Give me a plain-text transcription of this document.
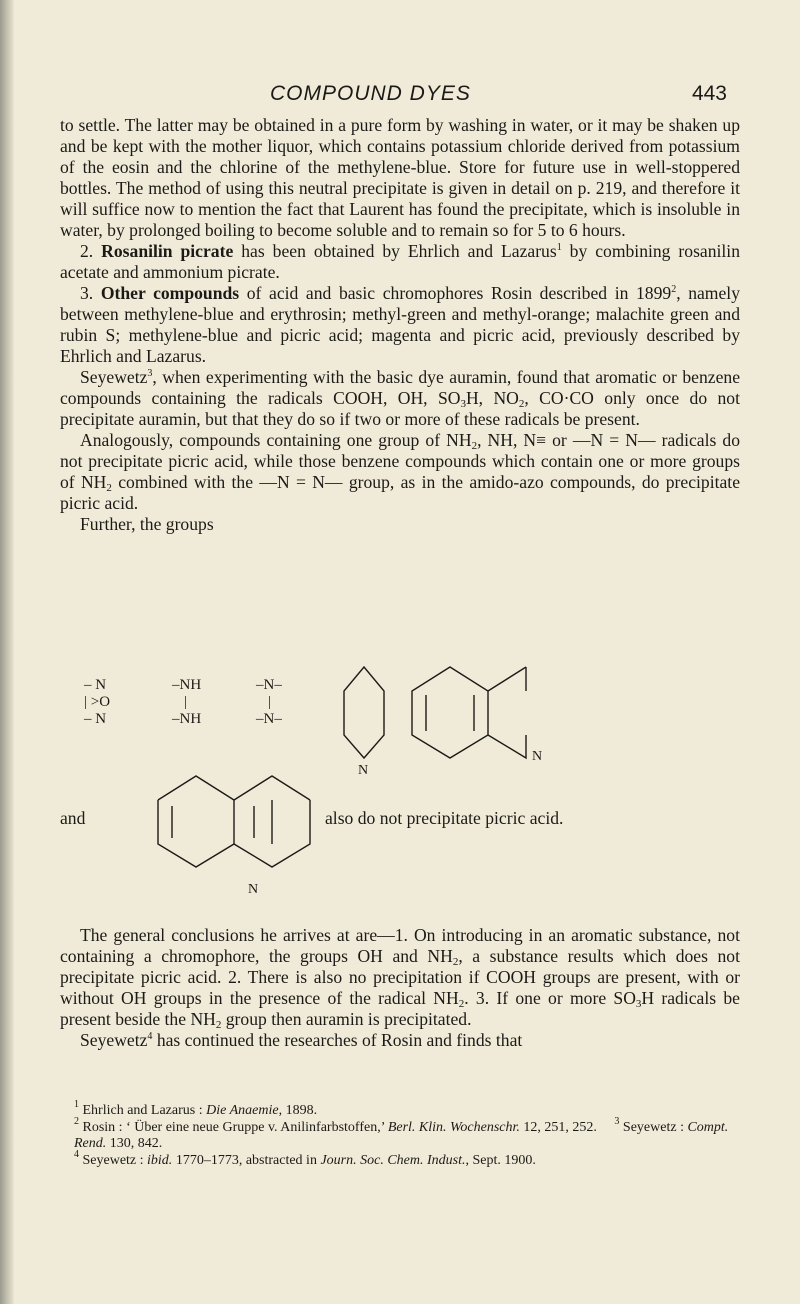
COMPOUND DYES	443

to settle. The latter may be obtained in a pure form by washing in water, or it may be shaken up and be kept with the mother liquor, which contains potassium chloride derived from potassium of the eosin and the chlorine of the methylene-blue. Store for future use in well-stoppered bottles. The method of using this neutral precipitate is given in detail on p. 219, and therefore it will suffice now to mention the fact that Laurent has found the precipitate, which is insoluble in water, by prolonged boiling to become soluble and to remain so for 5 to 6 hours.

2. Rosanilin picrate has been obtained by Ehrlich and Lazarus$^1$ by combining rosanilin acetate and ammonium picrate.

3. Other compounds of acid and basic chromophores Rosin described in 1899$^2$, namely between methylene-blue and erythrosin; methyl-green and methyl-orange; malachite green and rubin S; methylene-blue and picric acid; magenta and picric acid, previously described by Ehrlich and Lazarus.

Seyewetz$^3$, when experimenting with the basic dye auramin, found that aromatic or benzene compounds containing the radicals COOH, OH, $SO_3H$, $NO_2$, CO·CO only once do not precipitate auramin, but that they do so if two or more of these radicals be present.

Analogously, compounds containing one group of $NH_2$, NH, N≡ or —N = N— radicals do not precipitate picric acid, while those benzene compounds which contain one or more groups of $NH_2$ combined with the —N = N— group, as in the amido-azo compounds, do precipitate picric acid.

Further, the groups

– N
| >O
– N
–NH
|
–NH
–N–
|
–N–
N
N
N
and	also do not precipitate picric acid.

The general conclusions he arrives at are—1. On introducing in an aromatic substance, not containing a chromophore, the groups OH and $NH_2$, a substance results which does not precipitate picric acid. 2. There is also no precipitation if COOH groups are present, with or without OH groups in the presence of the radical $NH_2$. 3. If one or more $SO_3H$ radicals be present beside the $NH_2$ group then auramin is precipitated.

Seyewetz$^4$ has continued the researches of Rosin and finds that

$^1$ Ehrlich and Lazarus : Die Anaemie, 1898.

$^2$ Rosin : ‘ Über eine neue Gruppe v. Anilinfarbstoffen,’ Berl. Klin. Wochenschr. 12, 251, 252. $^3$ Seyewetz : Compt. Rend. 130, 842.

$^4$ Seyewetz : ibid. 1770–1773, abstracted in Journ. Soc. Chem. Indust., Sept. 1900.
